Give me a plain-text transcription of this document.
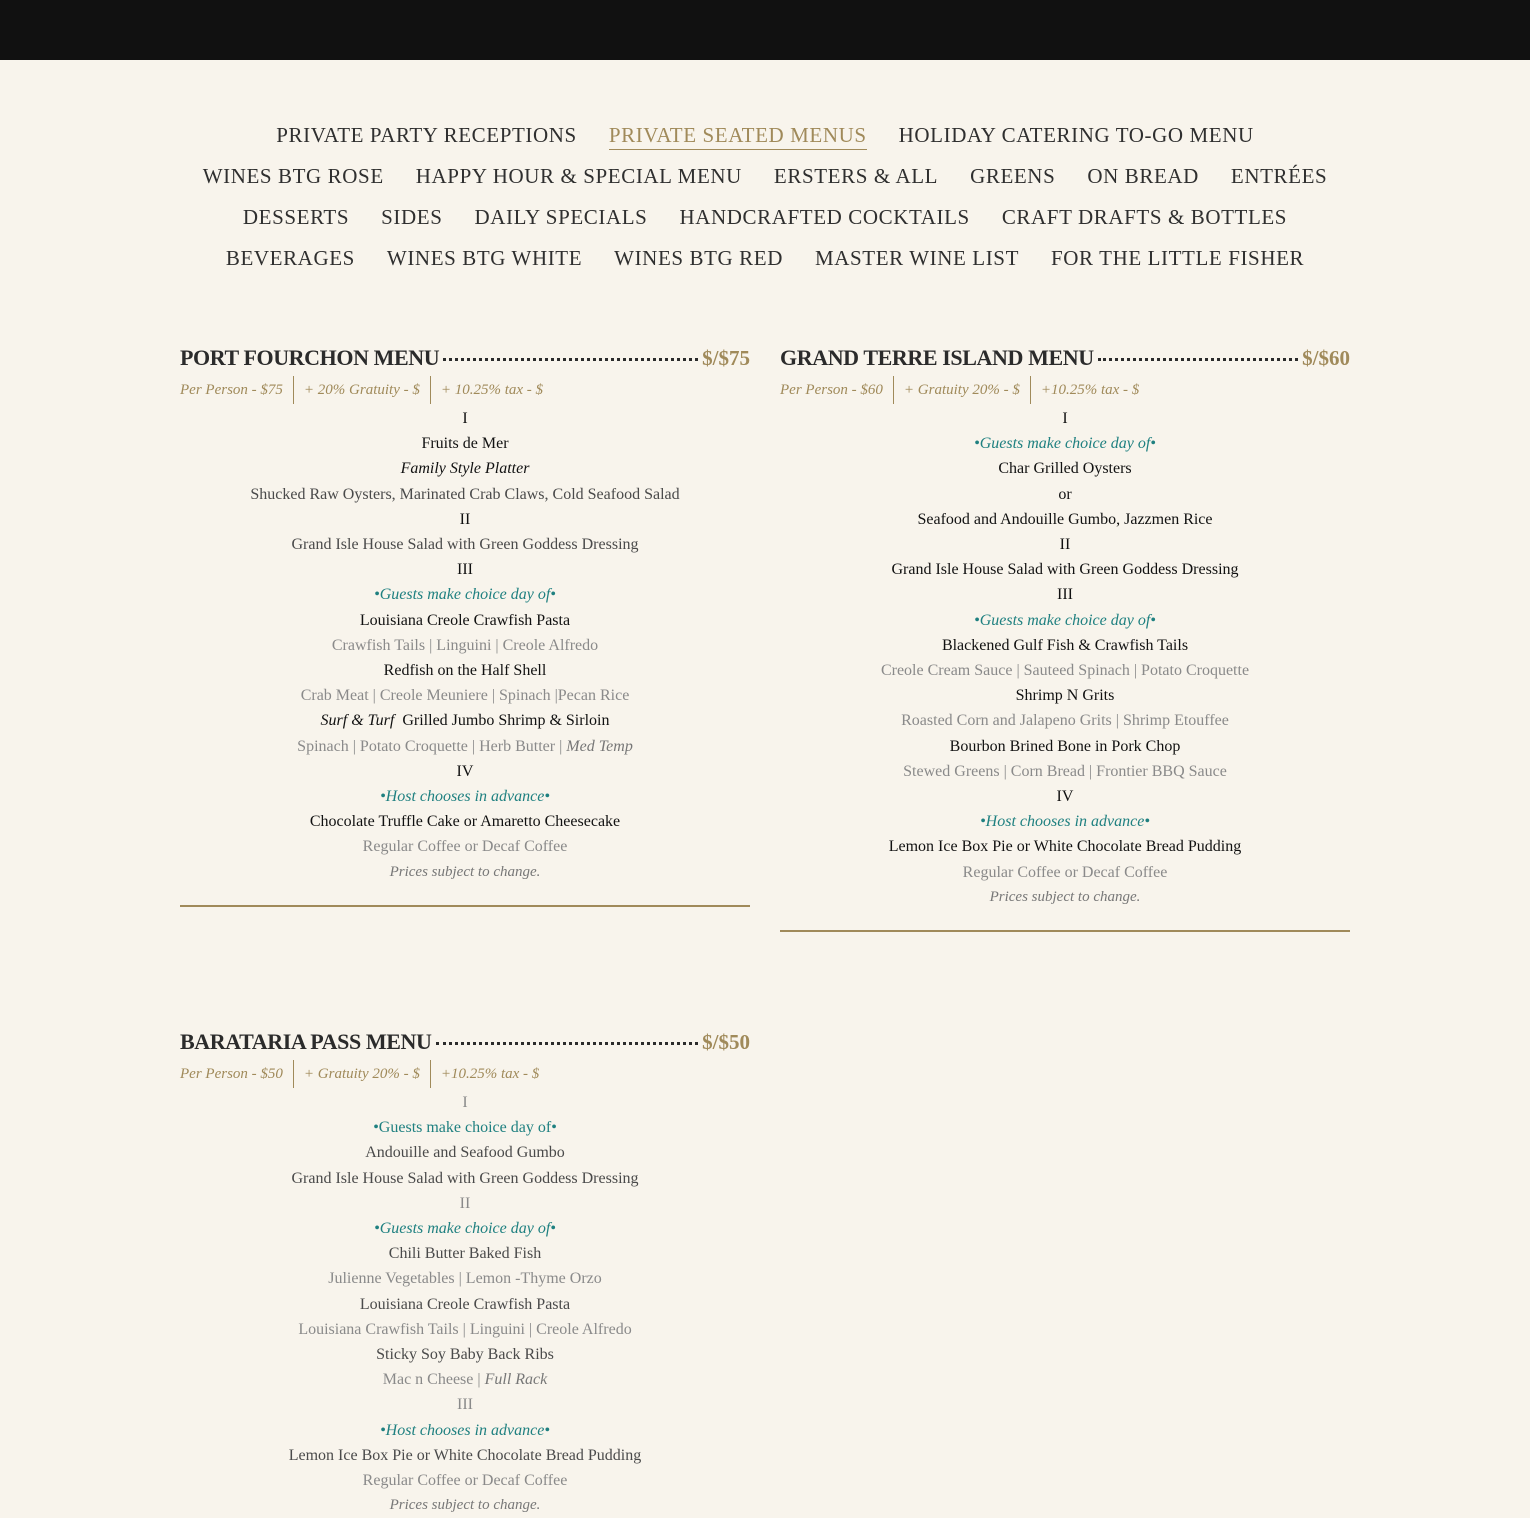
PRIVATE PARTY RECEPTIONS PRIVATE SEATED MENUS HOLIDAY CATERING TO-GO MENU
WINES BTG ROSE HAPPY HOUR & SPECIAL MENU ERSTERS & ALL GREENS ON BREAD ENTRÉES
DESSERTS SIDES DAILY SPECIALS HANDCRAFTED COCKTAILS CRAFT DRAFTS & BOTTLES
BEVERAGES WINES BTG WHITE WINES BTG RED MASTER WINE LIST FOR THE LITTLE FISHER
PORT FOURCHON MENU	$/$75
Per Person - $75	+ 20% Gratuity - $	+ 10.25% tax - $
I
Fruits de Mer
Family Style Platter
Shucked Raw Oysters, Marinated Crab Claws, Cold Seafood Salad
II
Grand Isle House Salad with Green Goddess Dressing
III
•Guests make choice day of•
Louisiana Creole Crawfish Pasta
Crawfish Tails | Linguini | Creole Alfredo
Redfish on the Half Shell
Crab Meat | Creole Meuniere | Spinach |Pecan Rice
Surf & Turf Grilled Jumbo Shrimp & Sirloin
Spinach | Potato Croquette | Herb Butter | Med Temp
IV
•Host chooses in advance•
Chocolate Truffle Cake or Amaretto Cheesecake
Regular Coffee or Decaf Coffee
Prices subject to change.
GRAND TERRE ISLAND MENU	$/$60
Per Person - $60	+ Gratuity 20% - $	+10.25% tax - $
I
•Guests make choice day of•
Char Grilled Oysters
or
Seafood and Andouille Gumbo, Jazzmen Rice
II
Grand Isle House Salad with Green Goddess Dressing
III
•Guests make choice day of•
Blackened Gulf Fish & Crawfish Tails
Creole Cream Sauce | Sauteed Spinach | Potato Croquette
Shrimp N Grits
Roasted Corn and Jalapeno Grits | Shrimp Etouffee
Bourbon Brined Bone in Pork Chop
Stewed Greens | Corn Bread | Frontier BBQ Sauce
IV
•Host chooses in advance•
Lemon Ice Box Pie or White Chocolate Bread Pudding
Regular Coffee or Decaf Coffee
Prices subject to change.
BARATARIA PASS MENU	$/$50
Per Person - $50	+ Gratuity 20% - $	+10.25% tax - $
I
•Guests make choice day of•
Andouille and Seafood Gumbo
Grand Isle House Salad with Green Goddess Dressing
II
•Guests make choice day of•
Chili Butter Baked Fish
Julienne Vegetables | Lemon -Thyme Orzo
Louisiana Creole Crawfish Pasta
Louisiana Crawfish Tails | Linguini | Creole Alfredo
Sticky Soy Baby Back Ribs
Mac n Cheese | Full Rack
III
•Host chooses in advance•
Lemon Ice Box Pie or White Chocolate Bread Pudding
Regular Coffee or Decaf Coffee
Prices subject to change.
